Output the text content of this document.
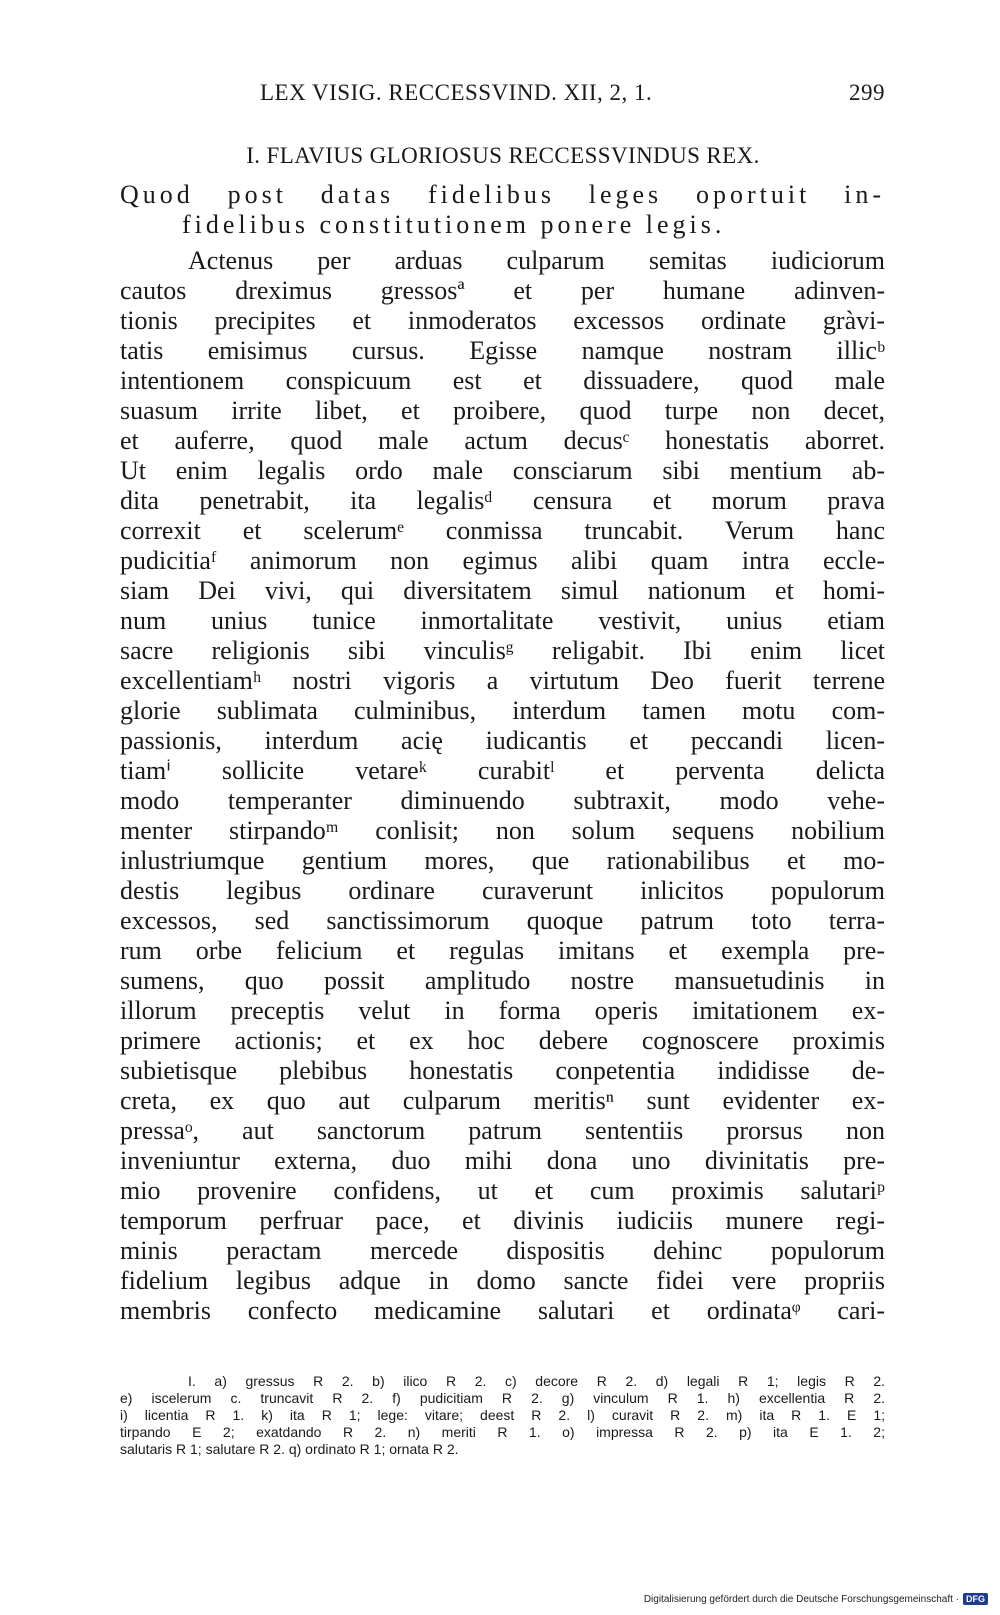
LEX VISIG. RECCESSVIND. XII, 2, 1.	299
I. FLAVIUS GLORIOSUS RECCESSVINDUS REX.
Quod post datas fidelibus leges oportuit in-
fidelibus constitutionem ponere legis.
Actenus per arduas culparum semitas iudiciorum
cautos dreximus gressosª et per humane adinven-
tionis precipites et inmoderatos excessos ordinate gràvi-
tatis emisimus cursus. Egisse namque nostram illicᵇ
intentionem conspicuum est et dissuadere, quod male
suasum irrite libet, et proibere, quod turpe non decet,
et auferre, quod male actum decusᶜ honestatis aborret.
Ut enim legalis ordo male consciarum sibi mentium ab-
dita penetrabit, ita legalisᵈ censura et morum prava
correxit et scelerumᵉ conmissa truncabit. Verum hanc
pudicitiaᶠ animorum non egimus alibi quam intra eccle-
siam Dei vivi, qui diversitatem simul nationum et homi-
num unius tunice inmortalitate vestivit, unius etiam
sacre religionis sibi vinculisᵍ religabit. Ibi enim licet
excellentiamʰ nostri vigoris a virtutum Deo fuerit terrene
glorie sublimata culminibus, interdum tamen motu com-
passionis, interdum acię iudicantis et peccandi licen-
tiamⁱ sollicite vetareᵏ curabitˡ et perventa delicta
modo temperanter diminuendo subtraxit, modo vehe-
menter stirpandoᵐ conlisit; non solum sequens nobilium
inlustriumque gentium mores, que rationabilibus et mo-
destis legibus ordinare curaverunt inlicitos populorum
excessos, sed sanctissimorum quoque patrum toto terra-
rum orbe felicium et regulas imitans et exempla pre-
sumens, quo possit amplitudo nostre mansuetudinis in
illorum preceptis velut in forma operis imitationem ex-
primere actionis; et ex hoc debere cognoscere proximis
subietisque plebibus honestatis conpetentia indidisse de-
creta, ex quo aut culparum meritisⁿ sunt evidenter ex-
pressaᵒ, aut sanctorum patrum sententiis prorsus non
inveniuntur externa, duo mihi dona uno divinitatis pre-
mio provenire confidens, ut et cum proximis salutariᵖ
temporum perfruar pace, et divinis iudiciis munere regi-
minis peractam mercede dispositis dehinc populorum
fidelium legibus adque in domo sancte fidei vere propriis
membris confecto medicamine salutari et ordinataᵠ cari-
I. a) gressus R 2. b) ilico R 2. c) decore R 2. d) legali R 1; legis R 2.
e) iscelerum c. truncavit R 2. f) pudicitiam R 2. g) vinculum R 1. h) excellentia R 2.
i) licentia R 1. k) ita R 1; lege: vitare; deest R 2. l) curavit R 2. m) ita R 1. E 1;
tirpando E 2; exatdando R 2. n) meriti R 1. o) impressa R 2. p) ita E 1. 2;
salutaris R 1; salutare R 2. q) ordinato R 1; ornata R 2.
Digitalisierung gefördert durch die Deutsche Forschungsgemeinschaft · DFG
